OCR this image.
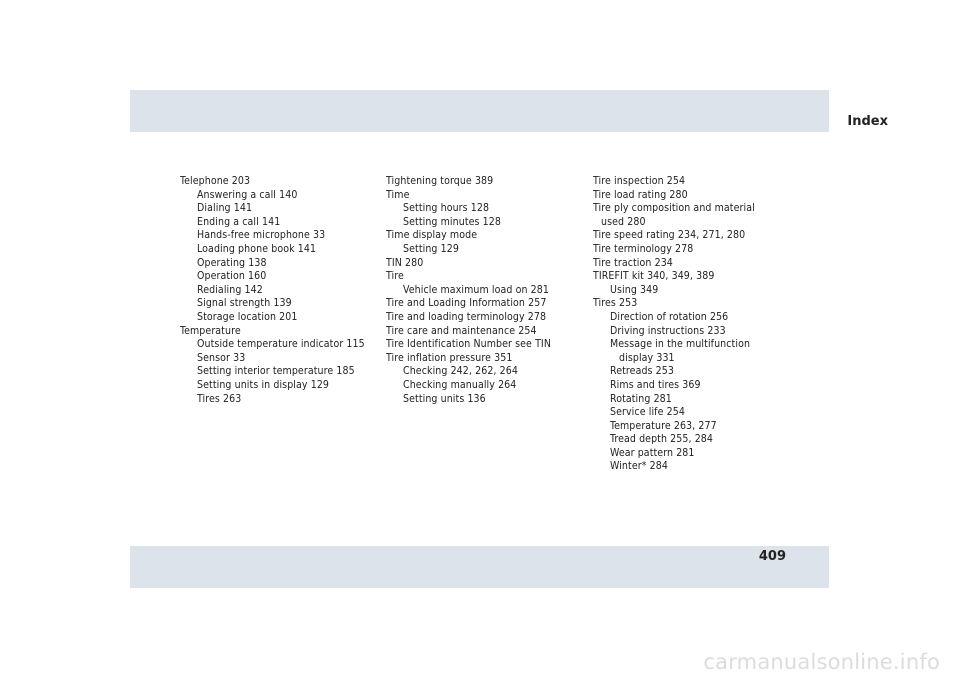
Index
Telephone 203
Answering a call 140
Dialing 141
Ending a call 141
Hands-free microphone 33
Loading phone book 141
Operating 138
Operation 160
Redialing 142
Signal strength 139
Storage location 201
Temperature
Outside temperature indicator 115
Sensor 33
Setting interior temperature 185
Setting units in display 129
Tires 263
Tightening torque 389
Time
Setting hours 128
Setting minutes 128
Time display mode
Setting 129
TIN 280
Tire
Vehicle maximum load on 281
Tire and Loading Information 257
Tire and loading terminology 278
Tire care and maintenance 254
Tire Identification Number see TIN
Tire inflation pressure 351
Checking 242, 262, 264
Checking manually 264
Setting units 136
Tire inspection 254
Tire load rating 280
Tire ply composition and material
used 280
Tire speed rating 234, 271, 280
Tire terminology 278
Tire traction 234
TIREFIT kit 340, 349, 389
Using 349
Tires 253
Direction of rotation 256
Driving instructions 233
Message in the multifunction
display 331
Retreads 253
Rims and tires 369
Rotating 281
Service life 254
Temperature 263, 277
Tread depth 255, 284
Wear pattern 281
Winter* 284
409
carmanualsonline.info
